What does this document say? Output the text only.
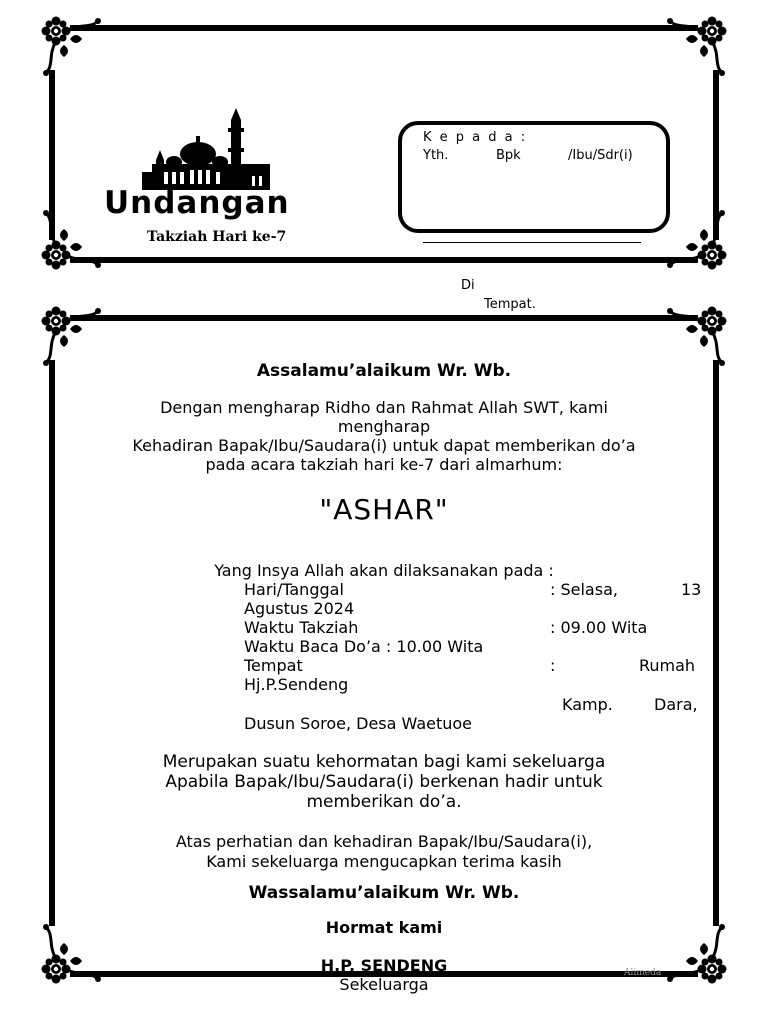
Undangan
Takziah Hari ke-7
K e p a d a :
Yth.	Bpk	/Ibu/Sdr(i)
Di
Tempat.
Assalamu’alaikum Wr. Wb.
Dengan mengharap Ridho dan Rahmat Allah SWT, kami
mengharap
Kehadiran Bapak/Ibu/Saudara(i) untuk dapat memberikan do’a
pada acara takziah hari ke-7 dari almarhum:
"ASHAR"
Yang Insya Allah akan dilaksanakan pada :
Hari/Tanggal	: Selasa,	13
Agustus 2024
Waktu Takziah	: 09.00 Wita
Waktu Baca Do’a : 10.00 Wita
Tempat	:	Rumah
Hj.P.Sendeng
Kamp.	Dara,
Dusun Soroe, Desa Waetuoe
Merupakan suatu kehormatan bagi kami sekeluarga
Apabila Bapak/Ibu/Saudara(i) berkenan hadir untuk
memberikan do’a.
Atas perhatian dan kehadiran Bapak/Ibu/Saudara(i),
Kami sekeluarga mengucapkan terima kasih
Wassalamu’alaikum Wr. Wb.
Hormat kami
H.P. SENDENG
Sekeluarga
Alimeda
